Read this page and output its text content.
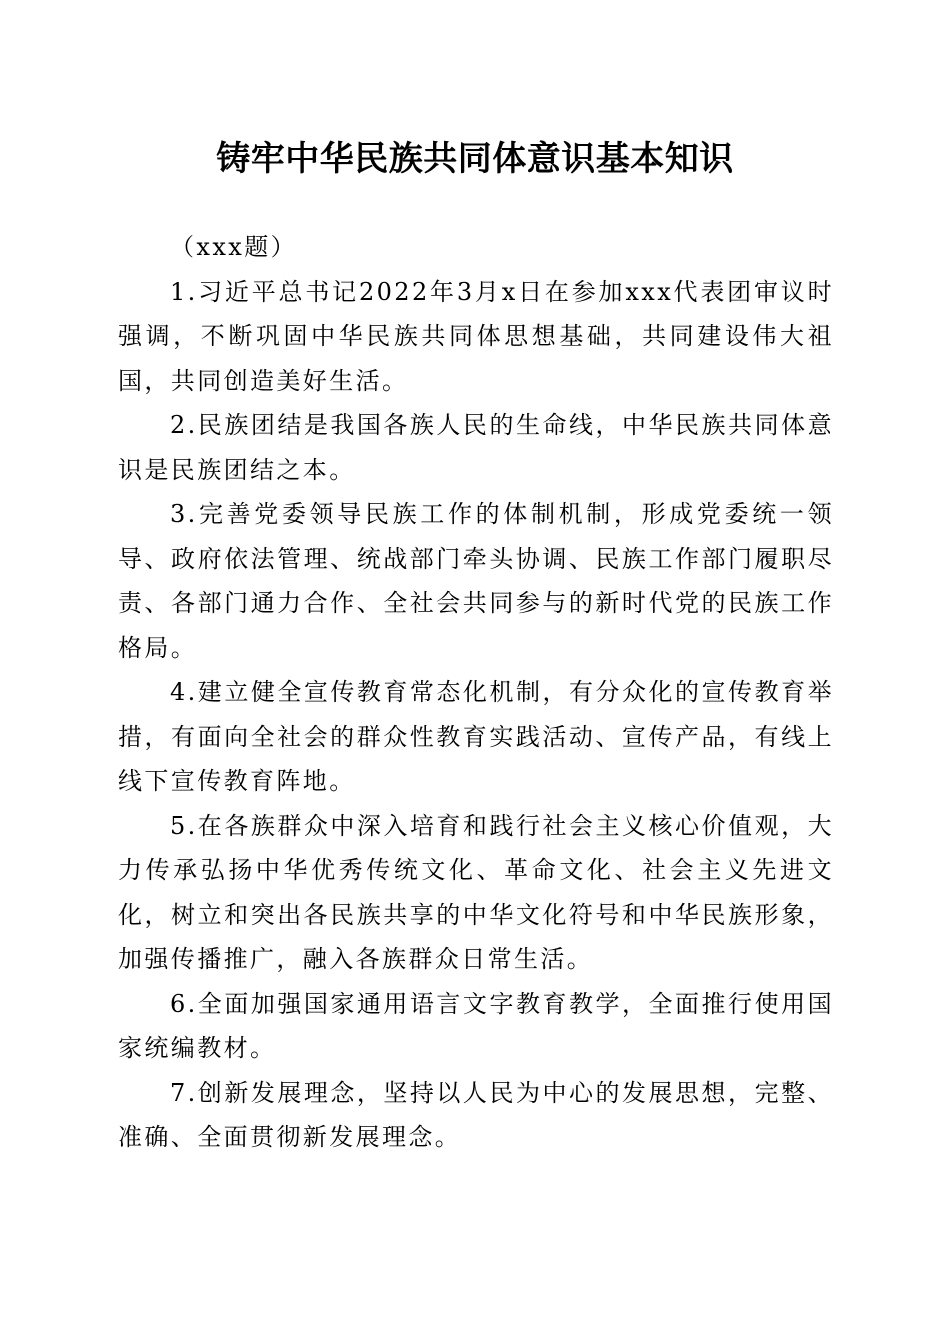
铸牢中华民族共同体意识基本知识

（xxx题）

1.习近平总书记2022年3月x日在参加xxx代表团审议时强调，不断巩固中华民族共同体思想基础，共同建设伟大祖国，共同创造美好生活。

2.民族团结是我国各族人民的生命线，中华民族共同体意识是民族团结之本。

3.完善党委领导民族工作的体制机制，形成党委统一领导、政府依法管理、统战部门牵头协调、民族工作部门履职尽责、各部门通力合作、全社会共同参与的新时代党的民族工作格局。

4.建立健全宣传教育常态化机制，有分众化的宣传教育举措，有面向全社会的群众性教育实践活动、宣传产品，有线上线下宣传教育阵地。

5.在各族群众中深入培育和践行社会主义核心价值观，大力传承弘扬中华优秀传统文化、革命文化、社会主义先进文化，树立和突出各民族共享的中华文化符号和中华民族形象，加强传播推广，融入各族群众日常生活。

6.全面加强国家通用语言文字教育教学，全面推行使用国家统编教材。

7.创新发展理念，坚持以人民为中心的发展思想，完整、准确、全面贯彻新发展理念。
